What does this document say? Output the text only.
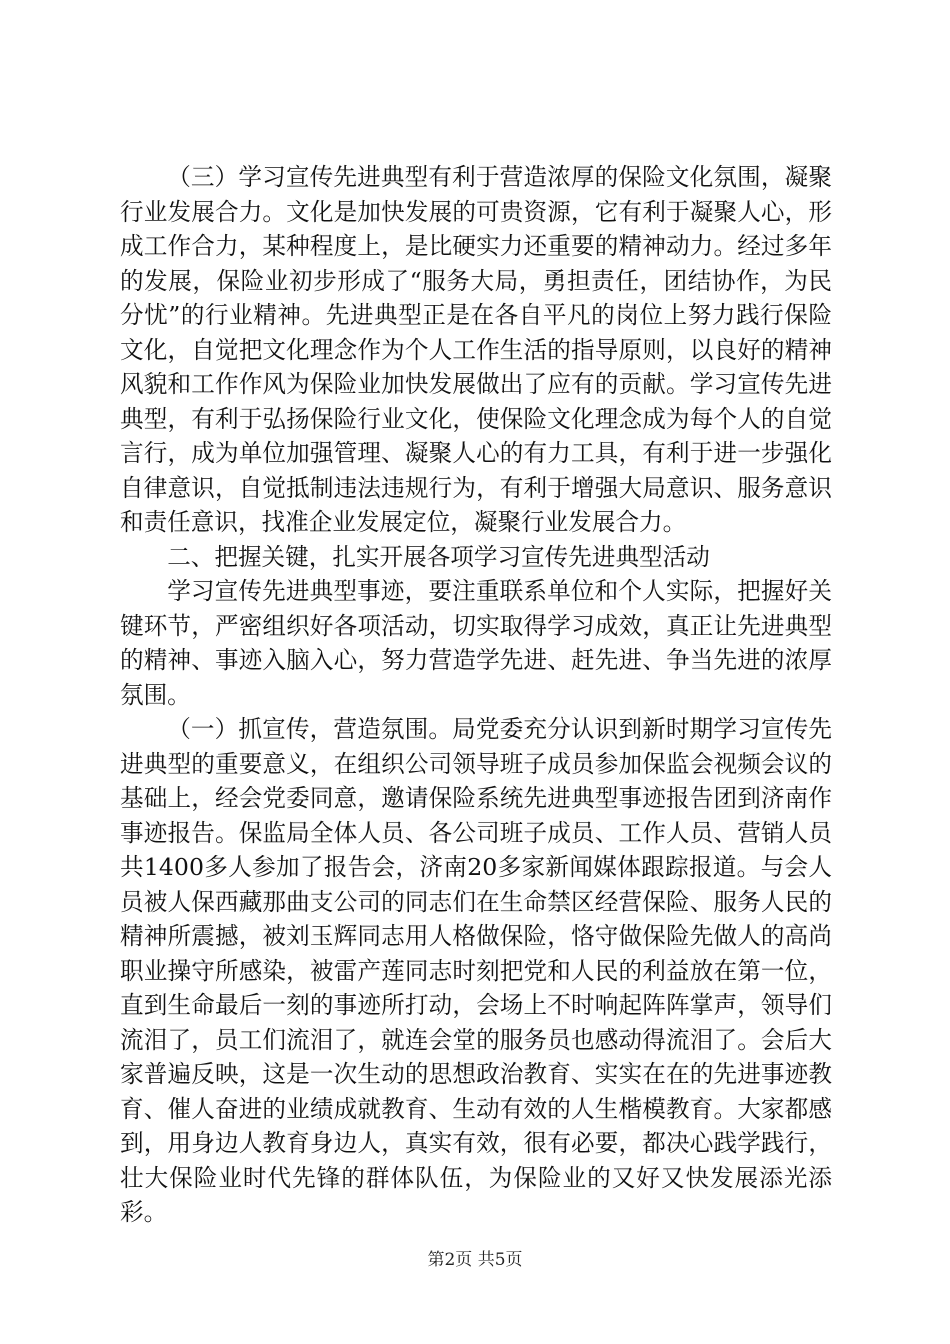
（三）学习宣传先进典型有利于营造浓厚的保险文化氛围，凝聚行业发展合力。文化是加快发展的可贵资源，它有利于凝聚人心，形成工作合力，某种程度上，是比硬实力还重要的精神动力。经过多年的发展，保险业初步形成了“服务大局，勇担责任，团结协作，为民分忧”的行业精神。先进典型正是在各自平凡的岗位上努力践行保险文化，自觉把文化理念作为个人工作生活的指导原则，以良好的精神风貌和工作作风为保险业加快发展做出了应有的贡献。学习宣传先进典型，有利于弘扬保险行业文化，使保险文化理念成为每个人的自觉言行，成为单位加强管理、凝聚人心的有力工具，有利于进一步强化自律意识，自觉抵制违法违规行为，有利于增强大局意识、服务意识和责任意识，找准企业发展定位，凝聚行业发展合力。

二、把握关键，扎实开展各项学习宣传先进典型活动

学习宣传先进典型事迹，要注重联系单位和个人实际，把握好关键环节，严密组织好各项活动，切实取得学习成效，真正让先进典型的精神、事迹入脑入心，努力营造学先进、赶先进、争当先进的浓厚氛围。

（一）抓宣传，营造氛围。局党委充分认识到新时期学习宣传先进典型的重要意义，在组织公司领导班子成员参加保监会视频会议的基础上，经会党委同意，邀请保险系统先进典型事迹报告团到济南作事迹报告。保监局全体人员、各公司班子成员、工作人员、营销人员共1400多人参加了报告会，济南20多家新闻媒体跟踪报道。与会人员被人保西藏那曲支公司的同志们在生命禁区经营保险、服务人民的精神所震撼，被刘玉辉同志用人格做保险，恪守做保险先做人的高尚职业操守所感染，被雷产莲同志时刻把党和人民的利益放在第一位，直到生命最后一刻的事迹所打动，会场上不时响起阵阵掌声，领导们流泪了，员工们流泪了，就连会堂的服务员也感动得流泪了。会后大家普遍反映，这是一次生动的思想政治教育、实实在在的先进事迹教育、催人奋进的业绩成就教育、生动有效的人生楷模教育。大家都感到，用身边人教育身边人，真实有效，很有必要，都决心践学践行，壮大保险业时代先锋的群体队伍，为保险业的又好又快发展添光添彩。

第2页 共5页
